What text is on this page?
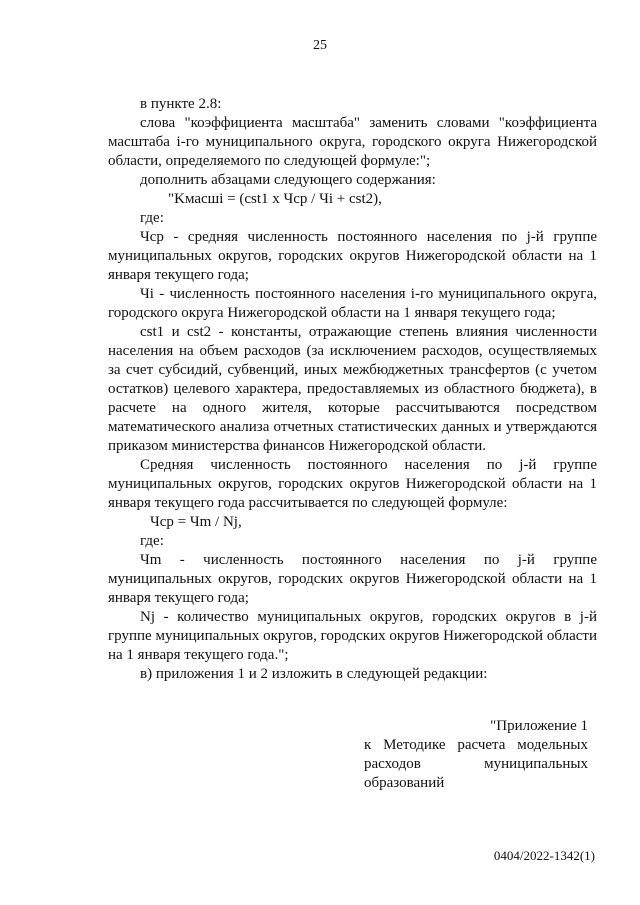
25

в пункте 2.8:

слова "коэффициента масштаба" заменить словами "коэффициента масштаба i-го муниципального округа, городского округа Нижегородской области, определяемого по следующей формуле:";

дополнить абзацами следующего содержания:

"Kмасшi = (cst1 x Чср / Чi + cst2),

где:

Чср - средняя численность постоянного населения по j-й группе муниципальных округов, городских округов Нижегородской области на 1 января текущего года;

Чi - численность постоянного населения i-го муниципального округа, городского округа Нижегородской области на 1 января текущего года;

cst1 и cst2 - константы, отражающие степень влияния численности населения на объем расходов (за исключением расходов, осуществляемых за счет субсидий, субвенций, иных межбюджетных трансфертов (с учетом остатков) целевого характера, предоставляемых из областного бюджета), в расчете на одного жителя, которые рассчитываются посредством математического анализа отчетных статистических данных и утверждаются приказом министерства финансов Нижегородской области.

Средняя численность постоянного населения по j-й группе муниципальных округов, городских округов Нижегородской области на 1 января текущего года рассчитывается по следующей формуле:

Чср = Чm / Nj,

где:

Чm - численность постоянного населения по j-й группе муниципальных округов, городских округов Нижегородской области на 1 января текущего года;

Nj - количество муниципальных округов, городских округов в j-й группе муниципальных округов, городских округов Нижегородской области на 1 января текущего года.";

в) приложения 1 и 2 изложить в следующей редакции:

"Приложение 1

к Методике расчета модельных
расходов муниципальных
образований

0404/2022-1342(1)
